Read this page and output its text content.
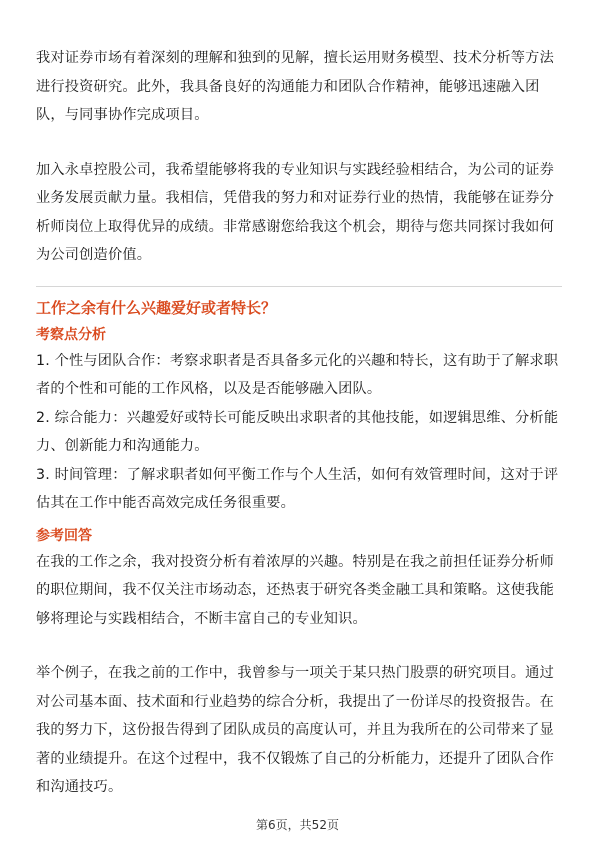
我对证券市场有着深刻的理解和独到的见解，擅长运用财务模型、技术分析等方法进行投资研究。此外，我具备良好的沟通能力和团队合作精神，能够迅速融入团队，与同事协作完成项目。

加入永卓控股公司，我希望能够将我的专业知识与实践经验相结合，为公司的证券业务发展贡献力量。我相信，凭借我的努力和对证券行业的热情，我能够在证券分析师岗位上取得优异的成绩。非常感谢您给我这个机会，期待与您共同探讨我如何为公司创造价值。

工作之余有什么兴趣爱好或者特长？

考察点分析

1. 个性与团队合作：考察求职者是否具备多元化的兴趣和特长，这有助于了解求职者的个性和可能的工作风格，以及是否能够融入团队。

2. 综合能力：兴趣爱好或特长可能反映出求职者的其他技能，如逻辑思维、分析能力、创新能力和沟通能力。

3. 时间管理：了解求职者如何平衡工作与个人生活，如何有效管理时间，这对于评估其在工作中能否高效完成任务很重要。

参考回答

在我的工作之余，我对投资分析有着浓厚的兴趣。特别是在我之前担任证券分析师的职位期间，我不仅关注市场动态，还热衷于研究各类金融工具和策略。这使我能够将理论与实践相结合，不断丰富自己的专业知识。

举个例子，在我之前的工作中，我曾参与一项关于某只热门股票的研究项目。通过对公司基本面、技术面和行业趋势的综合分析，我提出了一份详尽的投资报告。在我的努力下，这份报告得到了团队成员的高度认可，并且为我所在的公司带来了显著的业绩提升。在这个过程中，我不仅锻炼了自己的分析能力，还提升了团队合作和沟通技巧。

第6页，共52页
